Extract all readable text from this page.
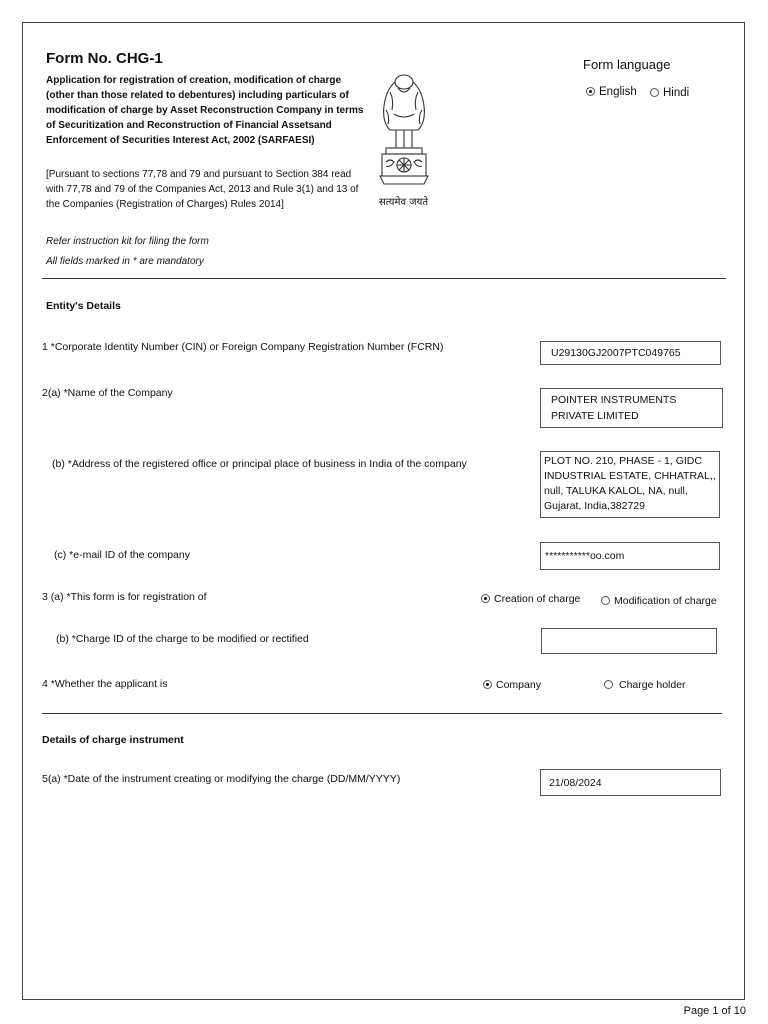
Form No. CHG-1
Application for registration of creation, modification of charge (other than those related to debentures) including particulars of modification of charge by Asset Reconstruction Company in terms of Securitization and Reconstruction of Financial Assetsand Enforcement of Securities Interest Act, 2002 (SARFAESI)
[Pursuant to sections 77,78 and 79 and pursuant to Section 384 read with 77,78 and 79 of the Companies Act, 2013 and Rule 3(1) and 13 of the Companies (Registration of Charges) Rules 2014]
Refer instruction kit for filing the form
All fields marked in * are mandatory
सत्यमेव जयते
Form language
English	Hindi
Entity's Details
1 *Corporate Identity Number (CIN) or Foreign Company Registration Number (FCRN)	U29130GJ2007PTC049765
2(a) *Name of the Company
POINTER INSTRUMENTS PRIVATE LIMITED
(b) *Address of the registered office or principal place of business in India of the company	PLOT NO. 210, PHASE - 1, GIDC INDUSTRIAL ESTATE, CHHATRAL,, null, TALUKA KALOL, NA, null, Gujarat, India,382729
(c) *e-mail ID of the company	***********oo.com
3 (a) *This form is for registration of	Creation of charge	Modification of charge
(b) *Charge ID of the charge to be modified or rectified
4 *Whether the applicant is	Company	Charge holder
Details of charge instrument
5(a) *Date of the instrument creating or modifying the charge (DD/MM/YYYY)	21/08/2024
Page 1 of 10
